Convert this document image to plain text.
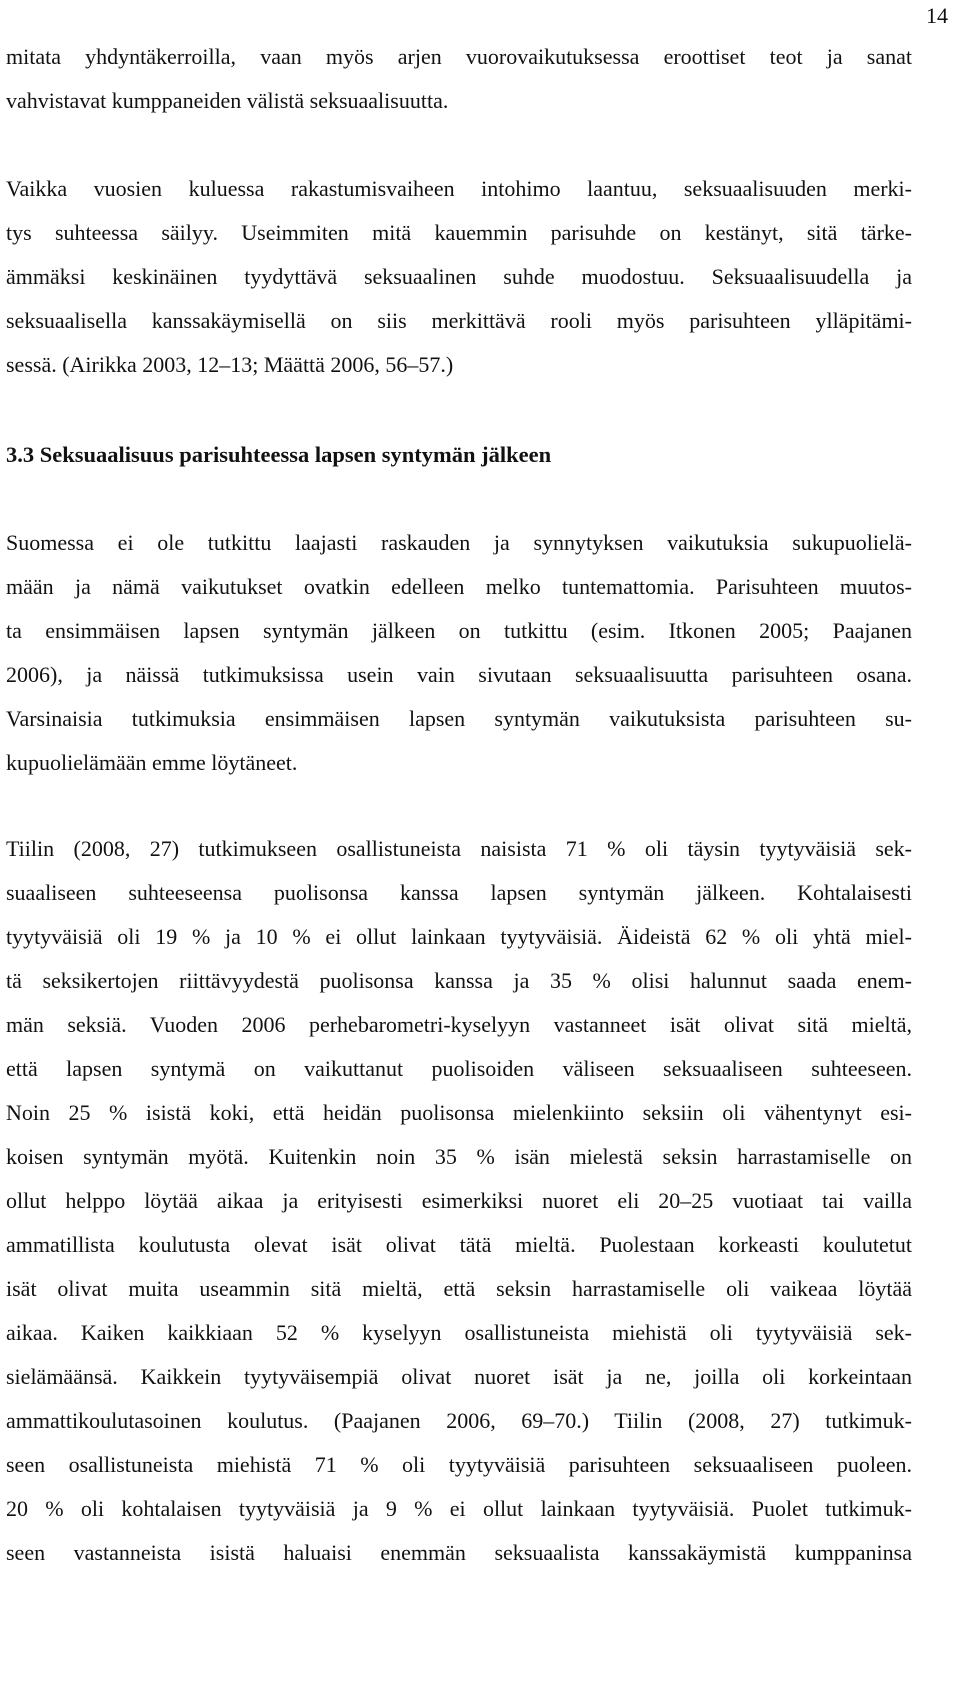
14
mitata yhdyntäkerroilla, vaan myös arjen vuorovaikutuksessa eroottiset teot ja sanat
vahvistavat kumppaneiden välistä seksuaalisuutta.
Vaikka vuosien kuluessa rakastumisvaiheen intohimo laantuu, seksuaalisuuden merki-
tys suhteessa säilyy. Useimmiten mitä kauemmin parisuhde on kestänyt, sitä tärke-
ämmäksi keskinäinen tyydyttävä seksuaalinen suhde muodostuu. Seksuaalisuudella ja
seksuaalisella kanssakäymisellä on siis merkittävä rooli myös parisuhteen ylläpitämi-
sessä. (Airikka 2003, 12–13; Määttä 2006, 56–57.)
3.3 Seksuaalisuus parisuhteessa lapsen syntymän jälkeen
Suomessa ei ole tutkittu laajasti raskauden ja synnytyksen vaikutuksia sukupuolielä-
mään ja nämä vaikutukset ovatkin edelleen melko tuntemattomia. Parisuhteen muutos-
ta ensimmäisen lapsen syntymän jälkeen on tutkittu (esim. Itkonen 2005; Paajanen
2006), ja näissä tutkimuksissa usein vain sivutaan seksuaalisuutta parisuhteen osana.
Varsinaisia tutkimuksia ensimmäisen lapsen syntymän vaikutuksista parisuhteen su-
kupuolielämään emme löytäneet.
Tiilin (2008, 27) tutkimukseen osallistuneista naisista 71 % oli täysin tyytyväisiä sek-
suaaliseen suhteeseensa puolisonsa kanssa lapsen syntymän jälkeen. Kohtalaisesti
tyytyväisiä oli 19 % ja 10 % ei ollut lainkaan tyytyväisiä. Äideistä 62 % oli yhtä miel-
tä seksikertojen riittävyydestä puolisonsa kanssa ja 35 % olisi halunnut saada enem-
män seksiä. Vuoden 2006 perhebarometri-kyselyyn vastanneet isät olivat sitä mieltä,
että lapsen syntymä on vaikuttanut puolisoiden väliseen seksuaaliseen suhteeseen.
Noin 25 % isistä koki, että heidän puolisonsa mielenkiinto seksiin oli vähentynyt esi-
koisen syntymän myötä. Kuitenkin noin 35 % isän mielestä seksin harrastamiselle on
ollut helppo löytää aikaa ja erityisesti esimerkiksi nuoret eli 20–25 vuotiaat tai vailla
ammatillista koulutusta olevat isät olivat tätä mieltä. Puolestaan korkeasti koulutetut
isät olivat muita useammin sitä mieltä, että seksin harrastamiselle oli vaikeaa löytää
aikaa. Kaiken kaikkiaan 52 % kyselyyn osallistuneista miehistä oli tyytyväisiä sek-
sielämäänsä. Kaikkein tyytyväisempiä olivat nuoret isät ja ne, joilla oli korkeintaan
ammattikoulutasoinen koulutus. (Paajanen 2006, 69–70.) Tiilin (2008, 27) tutkimuk-
seen osallistuneista miehistä 71 % oli tyytyväisiä parisuhteen seksuaaliseen puoleen.
20 % oli kohtalaisen tyytyväisiä ja 9 % ei ollut lainkaan tyytyväisiä. Puolet tutkimuk-
seen vastanneista isistä haluaisi enemmän seksuaalista kanssakäymistä kumppaninsa
